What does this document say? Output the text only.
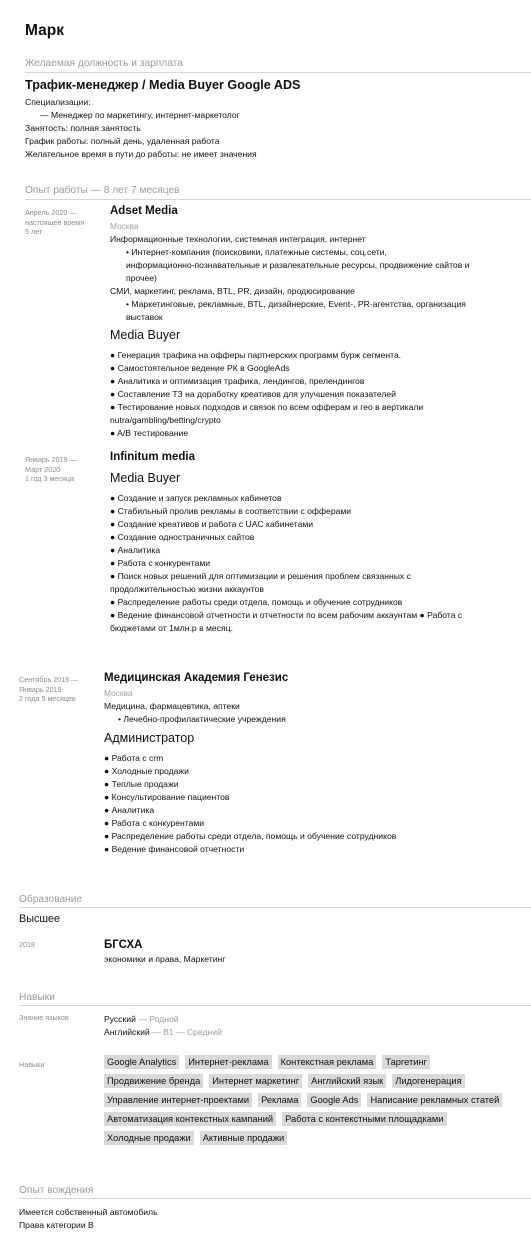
Марк
Желаемая должность и зарплата
Трафик-менеджер / Media Buyer Google ADS
Специализации:
— Менеджер по маркетингу, интернет-маркетолог
Занятость: полная занятость
График работы: полный день, удаленная работа
Желательное время в пути до работы: не имеет значения
Опыт работы — 8 лет 7 месяцев
Апрель 2020 —
настоящее время
5 лет
Adset Media
Москва
Информационные технологии, системная интеграция, интернет
• Интернет-компания (поисковики, платежные системы, соц.сети,
информационно-познавательные и развлекательные ресурсы, продвижение сайтов и
прочее)
СМИ, маркетинг, реклама, BTL, PR, дизайн, продюсирование
• Маркетинговые, рекламные, BTL, дизайнерские, Event-, PR-агентства, организация
выставок
Media Buyer
● Генерация трафика на офферы партнерских программ бурж сегмента.
● Самостоятельное ведение РК в GoogleAds
● Аналитика и оптимизация трафика, лендингов, прелендингов
● Составление ТЗ на доработку креативов для улучшения показателей
● Тестирование новых подходов и связок по всем офферам и гео в вертикали
nutra/gambling/betting/crypto
● A/B тестирование
Январь 2019 —
Март 2020
1 год 3 месяца
Infinitum media
Media Buyer
● Создание и запуск рекламных кабинетов
● Стабильный пролив рекламы в соответствии с офферами
● Создание креативов и работа с UAC кабинетами
● Создание одностраничных сайтов
● Аналитика
● Работа с конкурентами
● Поиск новых решений для оптимизации и решения проблем связанных с
продолжительностью жизни аккаунтов
● Распределение работы среди отдела, помощь и обучение сотрудников
● Ведение финансовой отчетности и отчетности по всем рабочим аккаунтам ● Работа с
бюджетами от 1млн.р в месяц.
Сентябрь 2016 —
Январь 2019
2 года 5 месяцев
Медицинская Академия Генезис
Москва
Медицина, фармацевтика, аптеки
• Лечебно-профилактические учреждения
Администратор
● Работа с crm
● Холодные продажи
● Теплые продажи
● Консультирование пациентов
● Аналитика
● Работа с конкурентами
● Распределение работы среди отдела, помощь и обучение сотрудников
● Ведение финансовой отчетности
Образование
Высшее
2018	БГСХА
экономики и права, Маркетинг
Навыки
Знание языков	Русский — Родной
Английский — B1 — Средний
Навыки	Google Analytics Интернет-реклама Контекстная реклама ТаргетингПродвижение бренда Интернет маркетинг Английский язык ЛидогенерацияУправление интернет-проектами Реклама Google Ads Написание рекламных статейАвтоматизация контекстных кампаний Работа с контекстными площадкамиХолодные продажи Активные продажи
Опыт вождения
Имеется собственный автомобиль
Права категории B
